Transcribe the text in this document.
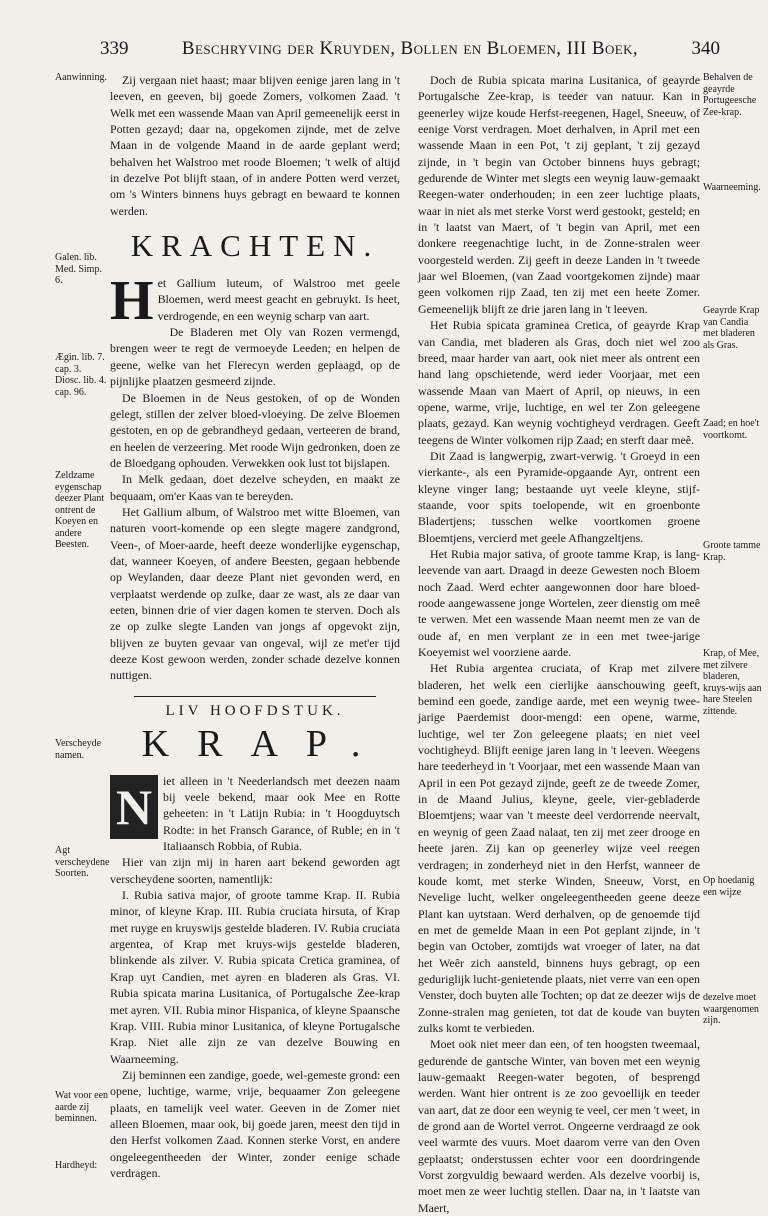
339	Beschryving der Kruyden, Bollen en Bloemen, III Boek,	340
Aanwinning.
Galen. lib. Med. Simp. 6.
Ægin. lib. 7. cap. 3. Diosc. lib. 4. cap. 96.
Zeldzame eygenschap deezer Plant ontrent de Koeyen en andere Beesten.
Verscheyde namen.
Agt verscheydene Soorten.
Wat voor een aarde zij beminnen.
Hardheyd:
Behalven de geayrde Portugeesche Zee-krap.
Waarneeming.
Geayrde Krap van Candia met bladeren als Gras.
Zaad; en hoe't voortkomt.
Groote tamme Krap.
Krap, of Mee, met zilvere bladeren, kruys-wijs aan hare Steelen zittende.
Op hoedanig een wijze
dezelve moet waargenomen zijn.

Zij vergaan niet haast; maar blijven eenige jaren lang in 't leeven, en geeven, bij goede Zomers, volkomen Zaad. 't Welk met een wassende Maan van April gemeenelijk eerst in Potten gezayd; daar na, opgekomen zijnde, met de zelve Maan in de volgende Maand in de aarde geplant werd; behalven het Walstroo met roode Bloemen; 't welk of altijd in dezelve Pot blijft staan, of in andere Potten werd verzet, om 's Winters binnens huys gebragt en bewaard te konnen werden.

KRACHTEN.

Het Gallium luteum, of Walstroo met geele Bloemen, werd meest geacht en gebruykt. Is heet, verdrogende, en een weynig scharp van aart.

De Bladeren met Oly van Rozen vermengd, brengen weer te regt de vermoeyde Leeden; en helpen de geene, welke van het Flerecyn werden geplaagd, op de pijnlijke plaatzen gesmeerd zijnde.

De Bloemen in de Neus gestoken, of op de Wonden gelegt, stillen der zelver bloed-vloeying. De zelve Bloemen gestoten, en op de gebrandheyd gedaan, verteeren de brand, en heelen de verzeering. Met roode Wijn gedronken, doen ze de Bloedgang ophouden. Verwekken ook lust tot bijslapen.

In Melk gedaan, doet dezelve scheyden, en maakt ze bequaam, om'er Kaas van te bereyden.

Het Gallium album, of Walstroo met witte Bloemen, van naturen voort-komende op een slegte magere zandgrond, Veen-, of Moer-aarde, heeft deeze wonderlijke eygenschap, dat, wanneer Koeyen, of andere Beesten, gegaan hebbende op Weylanden, daar deeze Plant niet gevonden werd, en verplaatst werdende op zulke, daar ze wast, als ze daar van eeten, binnen drie of vier dagen komen te sterven. Doch als ze op zulke slegte Landen van jongs af opgevokt zijn, blijven ze buyten gevaar van ongeval, wijl ze met'er tijd deeze Kost gewoon werden, zonder schade dezelve konnen nuttigen.

LIV HOOFDSTUK.
KRAP.

N iet alleen in 't Neederlandsch met deezen naam bij veele bekend, maar ook Mee en Rotte geheeten: in 't Latijn Rubia: in 't Hoogduytsch Rodte: in het Fransch Garance, of Ruble; en in 't Italiaansch Robbia, of Rubia.

Hier van zijn mij in haren aart bekend geworden agt verscheydene soorten, namentlijk:

I. Rubia sativa major, of groote tamme Krap. II. Rubia minor, of kleyne Krap. III. Rubia cruciata hirsuta, of Krap met ruyge en kruyswijs gestelde bladeren. IV. Rubia cruciata argentea, of Krap met kruys-wijs gestelde bladeren, blinkende als zilver. V. Rubia spicata Cretica graminea, of Krap uyt Candien, met ayren en bladeren als Gras. VI. Rubia spicata marina Lusitanica, of Portugalsche Zee-krap met ayren. VII. Rubia minor Hispanica, of kleyne Spaansche Krap. VIII. Rubia minor Lusitanica, of kleyne Portugalsche Krap. Niet alle zijn ze van dezelve Bouwing en Waarneeming.

Zij beminnen een zandige, goede, wel-gemeste grond: een opene, luchtige, warme, vrije, bequaamer Zon geleegene plaats, en tamelijk veel water. Geeven in de Zomer niet alleen Bloemen, maar ook, bij goede jaren, meest den tijd in den Herfst volkomen Zaad. Konnen sterke Vorst, en andere ongeleegentheeden der Winter, zonder eenige schade verdragen.

Doch de Rubia spicata marina Lusitanica, of geayrde Portugalsche Zee-krap, is teeder van natuur. Kan in geenerley wijze koude Herfst-reegenen, Hagel, Sneeuw, of eenige Vorst verdragen. Moet derhalven, in April met een wassende Maan in een Pot, 't zij geplant, 't zij gezayd zijnde, in 't begin van October binnens huys gebragt; gedurende de Winter met slegts een weynig lauw-gemaakt Reegen-water onderhouden; in een zeer luchtige plaats, waar in niet als met sterke Vorst werd gestookt, gesteld; en in 't laatst van Maert, of 't begin van April, met een donkere reegenachtige lucht, in de Zonne-stralen weer voorgesteld werden. Zij geeft in deeze Landen in 't tweede jaar wel Bloemen, (van Zaad voortgekomen zijnde) maar geen volkomen rijp Zaad, ten zij met een heete Zomer. Gemeenelijk blijft ze drie jaren lang in 't leeven.

Het Rubia spicata graminea Cretica, of geayrde Krap van Candia, met bladeren als Gras, doch niet wel zoo breed, maar harder van aart, ook niet meer als ontrent een hand lang opschietende, werd ieder Voorjaar, met een wassende Maan van Maert of April, op nieuws, in een opene, warme, vrije, luchtige, en wel ter Zon geleegene plaats, gezayd. Kan weynig vochtigheyd verdragen. Geeft teegens de Winter volkomen rijp Zaad; en sterft daar meê.

Dit Zaad is langwerpig, zwart-verwig. 't Groeyd in een vierkante-, als een Pyramide-opgaande Ayr, ontrent een kleyne vinger lang; bestaande uyt veele kleyne, stijf-staande, voor spits toelopende, wit en groenbonte Bladertjens; tusschen welke voortkomen groene Bloemtjens, vercierd met geele Afhangzeltjens.

Het Rubia major sativa, of groote tamme Krap, is lang-leevende van aart. Draagd in deeze Gewesten noch Bloem noch Zaad. Werd echter aangewonnen door hare bloed-roode aangewassene jonge Wortelen, zeer dienstig om meê te verwen. Met een wassende Maan neemt men ze van de oude af, en men verplant ze in een met twee-jarige Koeyemist wel voorziene aarde.

Het Rubia argentea cruciata, of Krap met zilvere bladeren, het welk een cierlijke aanschouwing geeft, bemind een goede, zandige aarde, met een weynig twee-jarige Paerdemist door-mengd: een opene, warme, luchtige, wel ter Zon geleegene plaats; en niet veel vochtigheyd. Blijft eenige jaren lang in 't leeven. Weegens hare teederheyd in 't Voorjaar, met een wassende Maan van April in een Pot gezayd zijnde, geeft ze de tweede Zomer, in de Maand Julius, kleyne, geele, vier-gebladerde Bloemtjens; waar van 't meeste deel verdorrende neervalt, en weynig of geen Zaad nalaat, ten zij met zeer drooge en heete jaren. Zij kan op geenerley wijze veel reegen verdragen; in zonderheyd niet in den Herfst, wanneer de koude komt, met sterke Winden, Sneeuw, Vorst, en Nevelige lucht, welker ongeleegentheeden geene deeze Plant kan uytstaan. Werd derhalven, op de genoemde tijd en met de gemelde Maan in een Pot geplant zijnde, in 't begin van October, zomtijds wat vroeger of later, na dat het Weêr zich aansteld, binnens huys gebragt, op een geduriglijk lucht-genietende plaats, niet verre van een open Venster, doch buyten alle Tochten; op dat ze deezer wijs de Zonne-stralen mag genieten, tot dat de koude van buyten zulks komt te verbieden.

Moet ook niet meer dan een, of ten hoogsten tweemaal, gedurende de gantsche Winter, van boven met een weynig lauw-gemaakt Reegen-water begoten, of besprengd werden. Want hier ontrent is ze zoo gevoellijk en teeder van aart, dat ze door een weynig te veel, cer men 't weet, in de grond aan de Wortel verrot. Ongeerne verdraagd ze ook veel warmte des vuurs. Moet daarom verre van den Oven geplaatst; onderstussen echter voor een doordringende Vorst zorgvuldig bewaard werden. Als dezelve voorbij is, moet men ze weer luchtig stellen. Daar na, in 't laatste van Maert,
